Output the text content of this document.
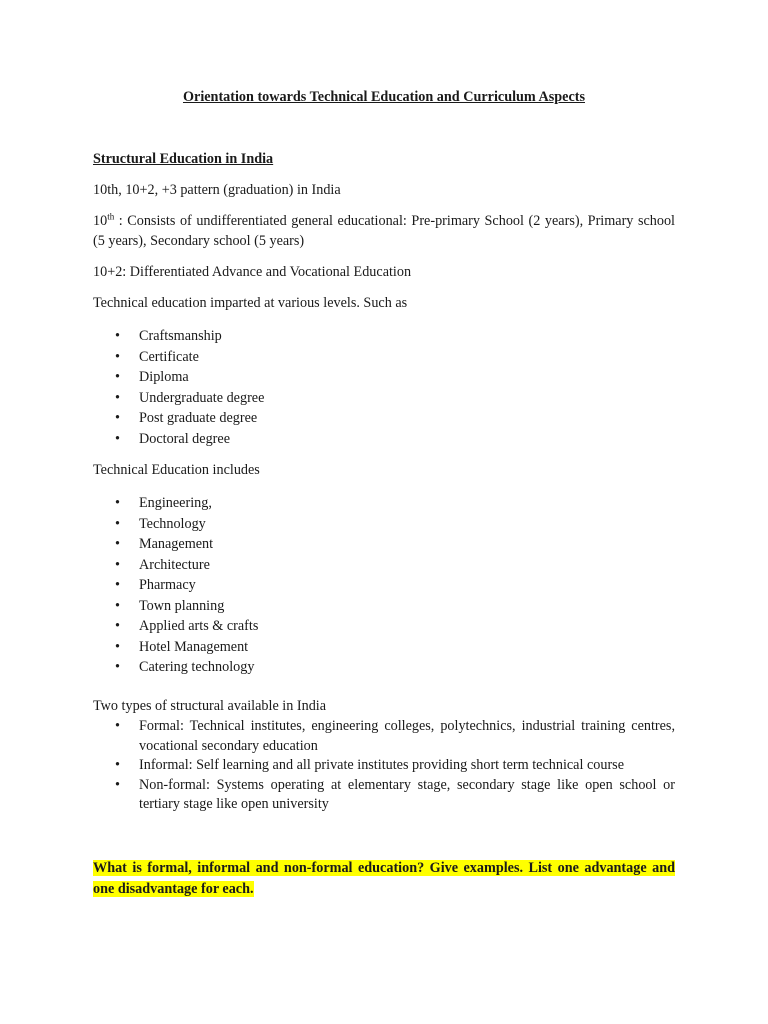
Orientation towards Technical Education and Curriculum Aspects
Structural Education in India

10th, 10+2, +3 pattern (graduation) in India

10th : Consists of undifferentiated general educational: Pre-primary School (2 years), Primary school (5 years), Secondary school (5 years)

10+2: Differentiated Advance and Vocational Education

Technical education imparted at various levels. Such as

• Craftsmanship
• Certificate
• Diploma
• Undergraduate degree
• Post graduate degree
• Doctoral degree

Technical Education includes

• Engineering,
• Technology
• Management
• Architecture
• Pharmacy
• Town planning
• Applied arts & crafts
• Hotel Management
• Catering technology

Two types of structural available in India

• Formal: Technical institutes, engineering colleges, polytechnics, industrial training centres, vocational secondary education
• Informal: Self learning and all private institutes providing short term technical course
• Non-formal: Systems operating at elementary stage, secondary stage like open school or tertiary stage like open university

What is formal, informal and non-formal education? Give examples. List one advantage and one disadvantage for each.
